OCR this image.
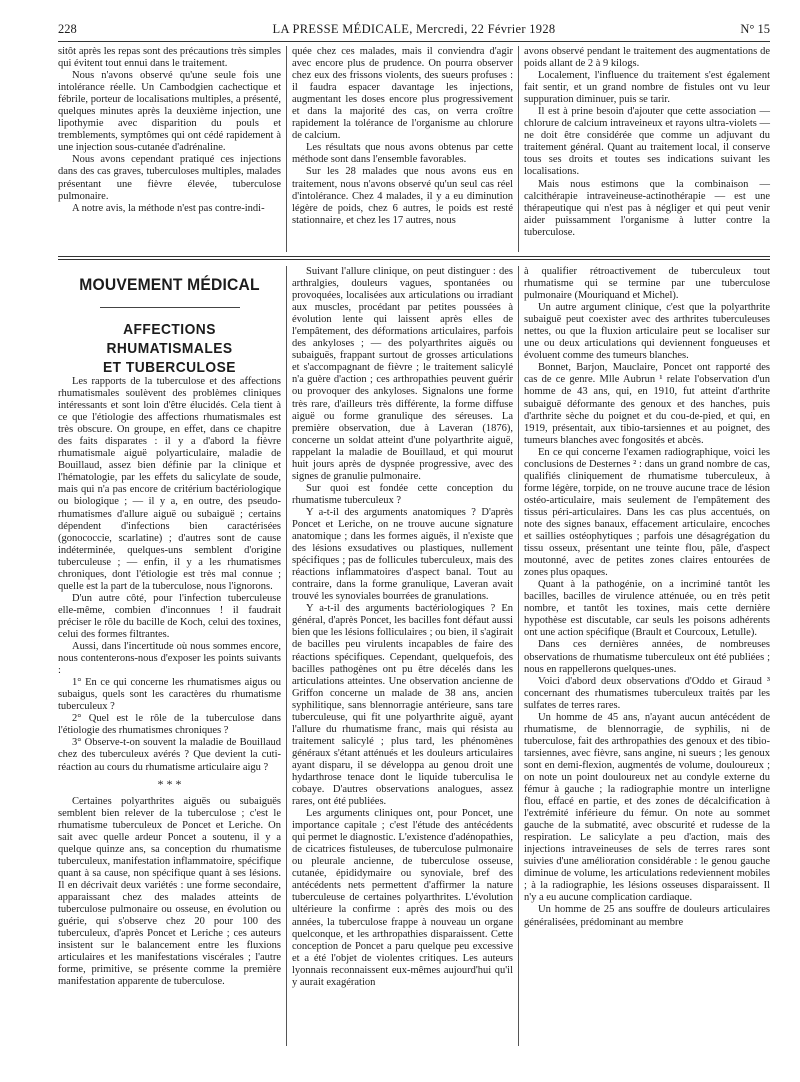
228	LA PRESSE MÉDICALE, Mercredi, 22 Février 1928	N° 15

sitôt après les repas sont des précautions très simples qui évitent tout ennui dans le traitement.

Nous n'avons observé qu'une seule fois une intolérance réelle. Un Cambodgien cachectique et fébrile, porteur de localisations multiples, a présenté, quelques minutes après la deuxième injection, une lipothymie avec disparition du pouls et tremblements, symptômes qui ont cédé rapidement à une injection sous-cutanée d'adrénaline.

Nous avons cependant pratiqué ces injections dans des cas graves, tuberculoses multiples, malades présentant une fièvre élevée, tuberculose pulmonaire.

A notre avis, la méthode n'est pas contre-indi-

quée chez ces malades, mais il conviendra d'agir avec encore plus de prudence. On pourra observer chez eux des frissons violents, des sueurs profuses : il faudra espacer davantage les injections, augmentant les doses encore plus progressivement et dans la majorité des cas, on verra croître rapidement la tolérance de l'organisme au chlorure de calcium.

Les résultats que nous avons obtenus par cette méthode sont dans l'ensemble favorables.

Sur les 28 malades que nous avons eus en traitement, nous n'avons observé qu'un seul cas réel d'intolérance. Chez 4 malades, il y a eu diminution légère de poids, chez 6 autres, le poids est resté stationnaire, et chez les 17 autres, nous

avons observé pendant le traitement des augmentations de poids allant de 2 à 9 kilogs.

Localement, l'influence du traitement s'est également fait sentir, et un grand nombre de fistules ont vu leur suppuration diminuer, puis se tarir.

Il est à prine besoin d'ajouter que cette association — chlorure de calcium intraveineux et rayons ultra-violets — ne doit être considérée que comme un adjuvant du traitement général. Quant au traitement local, il conserve tous ses droits et toutes ses indications suivant les localisations.

Mais nous estimons que la combinaison — calcithérapie intraveineuse-actinothérapie — est une thérapeutique qui n'est pas à négliger et qui peut venir aider puissamment l'organisme à lutter contre la tuberculose.

MOUVEMENT MÉDICAL
AFFECTIONS RHUMATISMALES
ET TUBERCULOSE

Les rapports de la tuberculose et des affections rhumatismales soulèvent des problèmes cliniques intéressants et sont loin d'être élucidés. Cela tient à ce que l'étiologie des affections rhumatismales est très obscure. On groupe, en effet, dans ce chapitre des faits disparates : il y a d'abord la fièvre rhumatismale aiguë polyarticulaire, maladie de Bouillaud, assez bien définie par la clinique et l'hématologie, par les effets du salicylate de soude, mais qui n'a pas encore de critérium bactériologique ou biologique ; — il y a, en outre, des pseudo-rhumatismes d'allure aiguë ou subaiguë ; certains dépendent d'infections bien caractérisées (gonococcie, scarlatine) ; d'autres sont de cause indéterminée, quelques-uns semblent d'origine tuberculeuse ; — enfin, il y a les rhumatismes chroniques, dont l'étiologie est très mal connue ; quelle est la part de la tuberculose, nous l'ignorons.

D'un autre côté, pour l'infection tuberculeuse elle-même, combien d'inconnues ! il faudrait préciser le rôle du bacille de Koch, celui des toxines, celui des formes filtrantes.

Aussi, dans l'incertitude où nous sommes encore, nous contenterons-nous d'exposer les points suivants :

1° En ce qui concerne les rhumatismes aigus ou subaigus, quels sont les caractères du rhumatisme tuberculeux ?

2° Quel est le rôle de la tuberculose dans l'étiologie des rhumatismes chroniques ?

3° Observe-t-on souvent la maladie de Bouillaud chez des tuberculeux avérés ? Que devient la cuti-réaction au cours du rhumatisme articulaire aigu ?

* * *

Certaines polyarthrites aiguës ou subaiguës semblent bien relever de la tuberculose ; c'est le rhumatisme tuberculeux de Poncet et Leriche. On sait avec quelle ardeur Poncet a soutenu, il y a quelque quinze ans, sa conception du rhumatisme tuberculeux, manifestation inflammatoire, spécifique quant à sa cause, non spécifique quant à ses lésions. Il en décrivait deux variétés : une forme secondaire, apparaissant chez des malades atteints de tuberculose pulmonaire ou osseuse, en évolution ou guérie, qui s'observe chez 20 pour 100 des tuberculeux, d'après Poncet et Leriche ; ces auteurs insistent sur le balancement entre les fluxions articulaires et les manifestations viscérales ; l'autre forme, primitive, se présente comme la première manifestation apparente de tuberculose.

Suivant l'allure clinique, on peut distinguer : des arthralgies, douleurs vagues, spontanées ou provoquées, localisées aux articulations ou irradiant aux muscles, procédant par petites poussées à évolution lente qui laissent après elles de l'empâtement, des déformations articulaires, parfois des ankyloses ; — des polyarthrites aiguës ou subaiguës, frappant surtout de grosses articulations et s'accompagnant de fièvre ; le traitement salicylé n'a guère d'action ; ces arthropathies peuvent guérir ou provoquer des ankyloses. Signalons une forme très rare, d'ailleurs très différente, la forme diffuse aiguë ou forme granulique des séreuses. La première observation, due à Laveran (1876), concerne un soldat atteint d'une polyarthrite aiguë, rappelant la maladie de Bouillaud, et qui mourut huit jours après de dyspnée progressive, avec des signes de granulie pulmonaire.

Sur quoi est fondée cette conception du rhumatisme tuberculeux ?

Y a-t-il des arguments anatomiques ? D'après Poncet et Leriche, on ne trouve aucune signature anatomique ; dans les formes aiguës, il n'existe que des lésions exsudatives ou plastiques, nullement spécifiques ; pas de follicules tuberculeux, mais des réactions inflammatoires d'aspect banal. Tout au contraire, dans la forme granulique, Laveran avait trouvé les synoviales bourrées de granulations.

Y a-t-il des arguments bactériologiques ? En général, d'après Poncet, les bacilles font défaut aussi bien que les lésions folliculaires ; ou bien, il s'agirait de bacilles peu virulents incapables de faire des réactions spécifiques. Cependant, quelquefois, des bacilles pathogènes ont pu être décelés dans les articulations atteintes. Une observation ancienne de Griffon concerne un malade de 38 ans, ancien syphilitique, sans blennorragie antérieure, sans tare tuberculeuse, qui fit une polyarthrite aiguë, ayant l'allure du rhumatisme franc, mais qui résista au traitement salicylé ; plus tard, les phénomènes généraux s'étant atténués et les douleurs articulaires ayant disparu, il se développa au genou droit une hydarthrose tenace dont le liquide tuberculisa le cobaye. D'autres observations analogues, assez rares, ont été publiées.

Les arguments cliniques ont, pour Poncet, une importance capitale ; c'est l'étude des antécédents qui permet le diagnostic. L'existence d'adénopathies, de cicatrices fistuleuses, de tuberculose pulmonaire ou pleurale ancienne, de tuberculose osseuse, cutanée, épididymaire ou synoviale, bref des antécédents nets permettent d'affirmer la nature tuberculeuse de certaines polyarthrites. L'évolution ultérieure la confirme : après des mois ou des années, la tuberculose frappe à nouveau un organe quelconque, et les arthropathies disparaissent. Cette conception de Poncet a paru quelque peu excessive et a été l'objet de violentes critiques. Les auteurs lyonnais reconnaissent eux-mêmes aujourd'hui qu'il y aurait exagération

à qualifier rétroactivement de tuberculeux tout rhumatisme qui se termine par une tuberculose pulmonaire (Mouriquand et Michel).

Un autre argument clinique, c'est que la polyarthrite subaiguë peut coexister avec des arthrites tuberculeuses nettes, ou que la fluxion articulaire peut se localiser sur une ou deux articulations qui deviennent fongueuses et évoluent comme des tumeurs blanches.

Bonnet, Barjon, Mauclaire, Poncet ont rapporté des cas de ce genre. Mlle Aubrun ¹ relate l'observation d'un homme de 43 ans, qui, en 1910, fut atteint d'arthrite subaiguë déformante des genoux et des hanches, puis d'arthrite sèche du poignet et du cou-de-pied, et qui, en 1919, présentait, aux tibio-tarsiennes et au poignet, des tumeurs blanches avec fongosités et abcès.

En ce qui concerne l'examen radiographique, voici les conclusions de Desternes ² : dans un grand nombre de cas, qualifiés cliniquement de rhumatisme tuberculeux, à forme légère, torpide, on ne trouve aucune trace de lésion ostéo-articulaire, mais seulement de l'empâtement des tissus péri-articulaires. Dans les cas plus accentués, on note des signes banaux, effacement articulaire, encoches et saillies ostéophytiques ; parfois une désagrégation du tissu osseux, présentant une teinte flou, pâle, d'aspect moutonné, avec de petites zones claires entourées de zones plus opaques.

Quant à la pathogénie, on a incriminé tantôt les bacilles, bacilles de virulence atténuée, ou en très petit nombre, et tantôt les toxines, mais cette dernière hypothèse est discutable, car seuls les poisons adhérents ont une action spécifique (Brault et Courcoux, Letulle).

Dans ces dernières années, de nombreuses observations de rhumatisme tuberculeux ont été publiées ; nous en rappellerons quelques-unes.

Voici d'abord deux observations d'Oddo et Giraud ³ concernant des rhumatismes tuberculeux traités par les sulfates de terres rares.

Un homme de 45 ans, n'ayant aucun antécédent de rhumatisme, de blennorragie, de syphilis, ni de tuberculose, fait des arthropathies des genoux et des tibio-tarsiennes, avec fièvre, sans angine, ni sueurs ; les genoux sont en demi-flexion, augmentés de volume, douloureux ; on note un point douloureux net au condyle externe du fémur à gauche ; la radiographie montre un interligne flou, effacé en partie, et des zones de décalcification à l'extrémité inférieure du fémur. On note au sommet gauche de la submatité, avec obscurité et rudesse de la respiration. Le salicylate a peu d'action, mais des injections intraveineuses de sels de terres rares sont suivies d'une amélioration considérable : le genou gauche diminue de volume, les articulations redeviennent mobiles ; à la radiographie, les lésions osseuses disparaissent. Il n'y a eu aucune complication cardiaque.

Un homme de 25 ans souffre de douleurs articulaires généralisées, prédominant au membre
